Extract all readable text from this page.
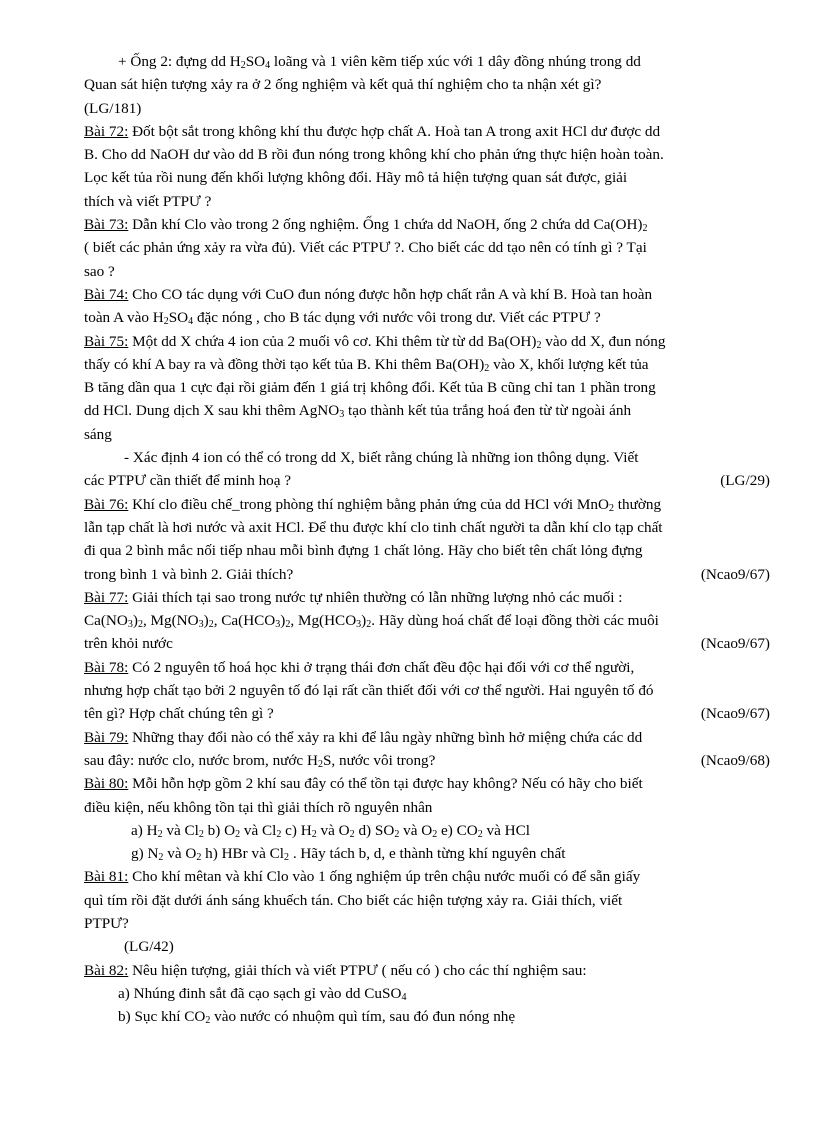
+ Ống 2: đựng dd $H_2SO_4$ loãng và 1 viên kẽm tiếp xúc với 1 dây đồng nhúng trong dd
Quan sát hiện tượng xảy ra ở 2 ống nghiệm và kết quả thí nghiệm cho ta nhận xét gì?
(LG/181)
Bài 72: Đốt bột sắt trong không khí thu được hợp chất A. Hoà tan A trong axit HCl dư được dd
B. Cho dd NaOH dư vào dd B rồi đun nóng trong không khí cho phản ứng thực hiện hoàn toàn.
Lọc kết tủa rồi nung đến khối lượng không đổi. Hãy mô tả hiện tượng quan sát được, giải
thích và viết PTPƯ ?
Bài 73: Dẫn khí Clo vào trong 2 ống nghiệm. Ống 1 chứa dd NaOH, ống 2 chứa dd $Ca(OH)_2$
( biết các phản ứng xảy ra vừa đủ). Viết các PTPƯ ?. Cho biết các dd tạo nên có tính gì ? Tại
sao ?
Bài 74: Cho CO tác dụng với CuO đun nóng được hỗn hợp chất rắn A và khí B. Hoà tan hoàn
toàn A vào $H_2SO_4$ đặc nóng , cho B tác dụng với nước vôi trong dư. Viết các PTPƯ ?
Bài 75: Một dd X chứa 4 ion của 2 muối vô cơ. Khi thêm từ từ dd $Ba(OH)_2$ vào dd X, đun nóng
thấy có khí A bay ra và đồng thời tạo kết tủa B. Khi thêm $Ba(OH)_2$ vào X, khối lượng kết tủa
B tăng dần qua 1 cực đại rồi giảm đến 1 giá trị không đổi. Kết tủa B cũng chỉ tan 1 phần trong
dd HCl. Dung dịch X sau khi thêm AgNO$_3$ tạo thành kết tủa trắng hoá đen từ từ ngoài ánh
sáng
- Xác định 4 ion có thể có trong dd X, biết rằng chúng là những ion thông dụng. Viết
các PTPƯ cần thiết để minh hoạ ?	(LG/29)
Bài 76: Khí clo điều chế_trong phòng thí nghiệm bằng phản ứng của dd HCl với MnO$_2$ thường
lẫn tạp chất là hơi nước và axit HCl. Để thu được khí clo tinh chất người ta dẫn khí clo tạp chất
đi qua 2 bình mắc nối tiếp nhau mỗi bình đựng 1 chất lỏng. Hãy cho biết tên chất lỏng đựng
trong bình 1 và bình 2. Giải thích?	(Ncao9/67)
Bài 77: Giải thích tại sao trong nước tự nhiên thường có lẫn những lượng nhỏ các muối :
$Ca(NO_3)_2$, $Mg(NO_3)_2$, $Ca(HCO_3)_2$, $Mg(HCO_3)_2$. Hãy dùng hoá chất để loại đồng thời các muôi
trên khỏi nước	(Ncao9/67)
Bài 78: Có 2 nguyên tố hoá học khi ở trạng thái đơn chất đều độc hại đối với cơ thể người,
nhưng hợp chất tạo bởi 2 nguyên tố đó lại rất cần thiết đối với cơ thể người. Hai nguyên tố đó
tên gì? Hợp chất chúng tên gì ?	(Ncao9/67)
Bài 79: Những thay đổi nào có thể xảy ra khi để lâu ngày những bình hở miệng chứa các dd
sau đây: nước clo, nước brom, nước $H_2S$, nước vôi trong?	(Ncao9/68)
Bài 80: Mỗi hỗn hợp gồm 2 khí sau đây có thể tồn tại được hay không? Nếu có hãy cho biết
điều kiện, nếu không tồn tại thì giải thích rõ nguyên nhân
a) $H_2$ và $Cl_2$ b) $O_2$ và $Cl_2$ c) $H_2$ và $O_2$ d) $SO_2$ và $O_2$ e) $CO_2$ và HCl
g) $N_2$ và $O_2$ h) HBr và $Cl_2$ . Hãy tách b, d, e thành từng khí nguyên chất
Bài 81: Cho khí mêtan và khí Clo vào 1 ống nghiệm úp trên chậu nước muối có để sẵn giấy
quì tím rồi đặt dưới ánh sáng khuếch tán. Cho biết các hiện tượng xảy ra. Giải thích, viết
PTPƯ?
(LG/42)
Bài 82: Nêu hiện tượng, giải thích và viết PTPƯ ( nếu có ) cho các thí nghiệm sau:
a) Nhúng đinh sắt đã cạo sạch gỉ vào dd CuSO$_4$
b) Sục khí $CO_2$ vào nước có nhuộm quì tím, sau đó đun nóng nhẹ
